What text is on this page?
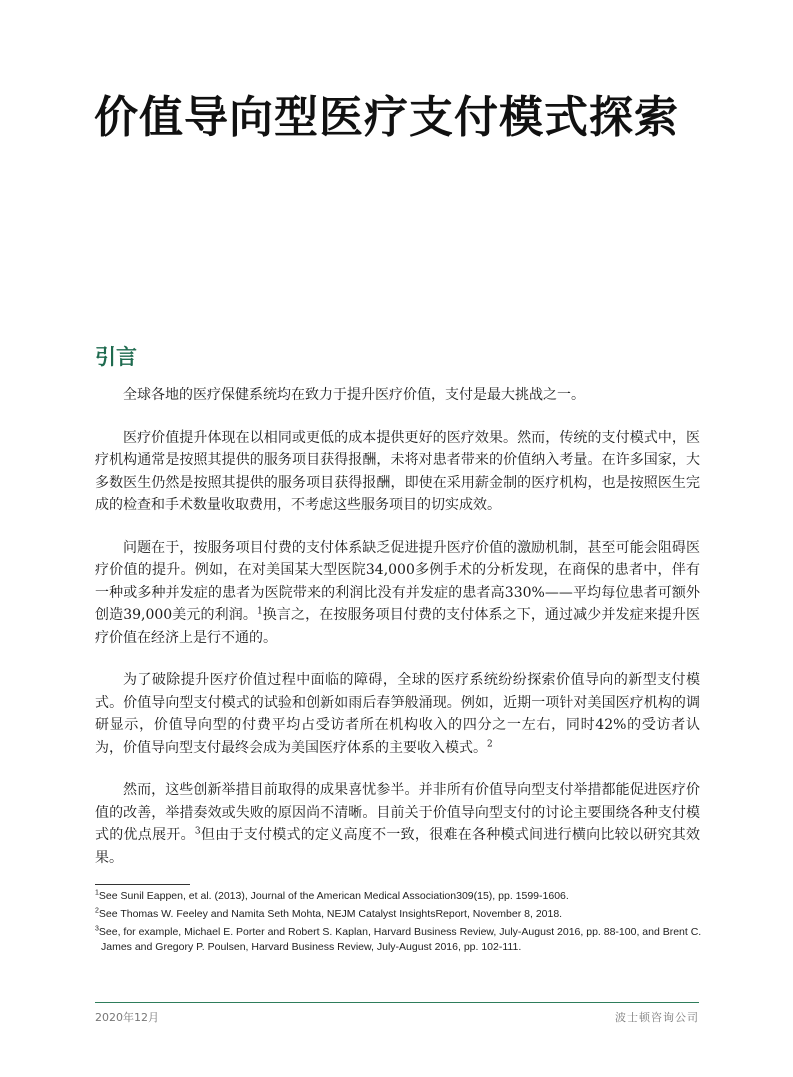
价值导向型医疗支付模式探索
引言

全球各地的医疗保健系统均在致力于提升医疗价值，支付是最大挑战之一。

医疗价值提升体现在以相同或更低的成本提供更好的医疗效果。然而，传统的支付模式中，医疗机构通常是按照其提供的服务项目获得报酬，未将对患者带来的价值纳入考量。在许多国家，大多数医生仍然是按照其提供的服务项目获得报酬，即使在采用薪金制的医疗机构，也是按照医生完成的检查和手术数量收取费用，不考虑这些服务项目的切实成效。

问题在于，按服务项目付费的支付体系缺乏促进提升医疗价值的激励机制，甚至可能会阻碍医疗价值的提升。例如，在对美国某大型医院34,000多例手术的分析发现，在商保的患者中，伴有一种或多种并发症的患者为医院带来的利润比没有并发症的患者高330%——平均每位患者可额外创造39,000美元的利润。$^1$换言之，在按服务项目付费的支付体系之下，通过减少并发症来提升医疗价值在经济上是行不通的。

为了破除提升医疗价值过程中面临的障碍，全球的医疗系统纷纷探索价值导向的新型支付模式。价值导向型支付模式的试验和创新如雨后春笋般涌现。例如，近期一项针对美国医疗机构的调研显示，价值导向型的付费平均占受访者所在机构收入的四分之一左右，同时42%的受访者认为，价值导向型支付最终会成为美国医疗体系的主要收入模式。$^2$

然而，这些创新举措目前取得的成果喜忧参半。并非所有价值导向型支付举措都能促进医疗价值的改善，举措奏效或失败的原因尚不清晰。目前关于价值导向型支付的讨论主要围绕各种支付模式的优点展开。$^3$但由于支付模式的定义高度不一致，很难在各种模式间进行横向比较以研究其效果。

$^1$See Sunil Eappen, et al. (2013), Journal of the American Medical Association309(15), pp. 1599-1606.

$^2$See Thomas W. Feeley and Namita Seth Mohta, NEJM Catalyst InsightsReport, November 8, 2018.

$^3$See, for example, Michael E. Porter and Robert S. Kaplan, Harvard Business Review, July-August 2016, pp. 88-100, and Brent C. James and Gregory P. Poulsen, Harvard Business Review, July-August 2016, pp. 102-111.

2020年12月	波士顿咨询公司
